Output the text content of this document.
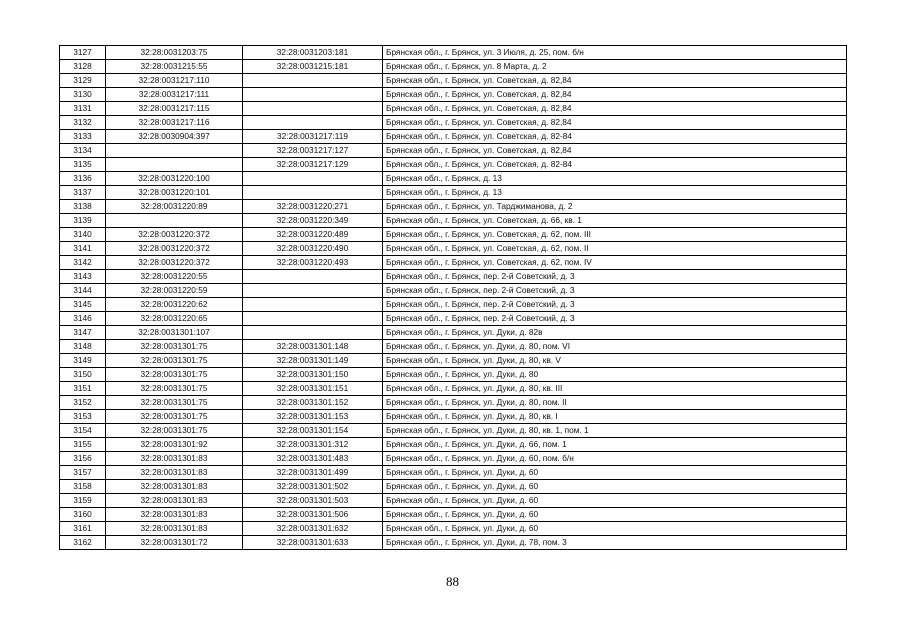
3127	32:28:0031203:75	32:28:0031203:181	Брянская обл., г. Брянск, ул. 3 Июля, д. 25, пом. б/н
3128	32:28:0031215:55	32:28:0031215:181	Брянская обл., г. Брянск, ул. 8 Марта, д. 2
3129	32:28:0031217:110		Брянская обл., г. Брянск, ул. Советская, д. 82,84
3130	32:28:0031217:111		Брянская обл., г. Брянск, ул. Советская, д. 82,84
3131	32:28:0031217:115		Брянская обл., г. Брянск, ул. Советская, д. 82,84
3132	32:28:0031217:116		Брянская обл., г. Брянск, ул. Советская, д. 82,84
3133	32:28:0030904:397	32:28:0031217:119	Брянская обл., г. Брянск, ул. Советская, д. 82-84
3134		32:28:0031217:127	Брянская обл., г. Брянск, ул. Советская, д. 82,84
3135		32:28:0031217:129	Брянская обл., г. Брянск, ул. Советская, д. 82-84
3136	32:28:0031220:100		Брянская обл., г. Брянск, д. 13
3137	32:28:0031220:101		Брянская обл., г. Брянск, д. 13
3138	32:28:0031220:89	32:28:0031220:271	Брянская обл., г. Брянск, ул. Тарджиманова, д. 2
3139		32:28:0031220:349	Брянская обл., г. Брянск, ул. Советская, д. 66, кв. 1
3140	32:28:0031220:372	32:28:0031220:489	Брянская обл., г. Брянск, ул. Советская, д. 62, пом. III
3141	32:28:0031220:372	32:28:0031220:490	Брянская обл., г. Брянск, ул. Советская, д. 62, пом. II
3142	32:28:0031220:372	32:28:0031220:493	Брянская обл., г. Брянск, ул. Советская, д. 62, пом. IV
3143	32:28:0031220:55		Брянская обл., г. Брянск, пер. 2-й Советский, д. 3
3144	32:28:0031220:59		Брянская обл., г. Брянск, пер. 2-й Советский, д. 3
3145	32:28:0031220:62		Брянская обл., г. Брянск, пер. 2-й Советский, д. 3
3146	32:28:0031220:65		Брянская обл., г. Брянск, пер. 2-й Советский, д. 3
3147	32:28:0031301:107		Брянская обл., г. Брянск, ул. Дуки, д. 82в
3148	32:28:0031301:75	32:28:0031301:148	Брянская обл., г. Брянск, ул. Дуки, д. 80, пом. VI
3149	32:28:0031301:75	32:28:0031301:149	Брянская обл., г. Брянск, ул. Дуки, д. 80, кв. V
3150	32:28:0031301:75	32:28:0031301:150	Брянская обл., г. Брянск, ул. Дуки, д. 80
3151	32:28:0031301:75	32:28:0031301:151	Брянская обл., г. Брянск, ул. Дуки, д. 80, кв. III
3152	32:28:0031301:75	32:28:0031301:152	Брянская обл., г. Брянск, ул. Дуки, д. 80, пом. II
3153	32:28:0031301:75	32:28:0031301:153	Брянская обл., г. Брянск, ул. Дуки, д. 80, кв. I
3154	32:28:0031301:75	32:28:0031301:154	Брянская обл., г. Брянск, ул. Дуки, д. 80, кв. 1, пом. 1
3155	32:28:0031301:92	32:28:0031301:312	Брянская обл., г. Брянск, ул. Дуки, д. 66, пом. 1
3156	32:28:0031301:83	32:28:0031301:483	Брянская обл., г. Брянск, ул. Дуки, д. 60, пом. б/н
3157	32:28:0031301:83	32:28:0031301:499	Брянская обл., г. Брянск, ул. Дуки, д. 60
3158	32:28:0031301:83	32:28:0031301:502	Брянская обл., г. Брянск, ул. Дуки, д. 60
3159	32:28:0031301:83	32:28:0031301:503	Брянская обл., г. Брянск, ул. Дуки, д. 60
3160	32:28:0031301:83	32:28:0031301:506	Брянская обл., г. Брянск, ул. Дуки, д. 60
3161	32:28:0031301:83	32:28:0031301:632	Брянская обл., г. Брянск, ул. Дуки, д. 60
3162	32:28:0031301:72	32:28:0031301:633	Брянская обл., г. Брянск, ул. Дуки, д. 78, пом. 3
88
